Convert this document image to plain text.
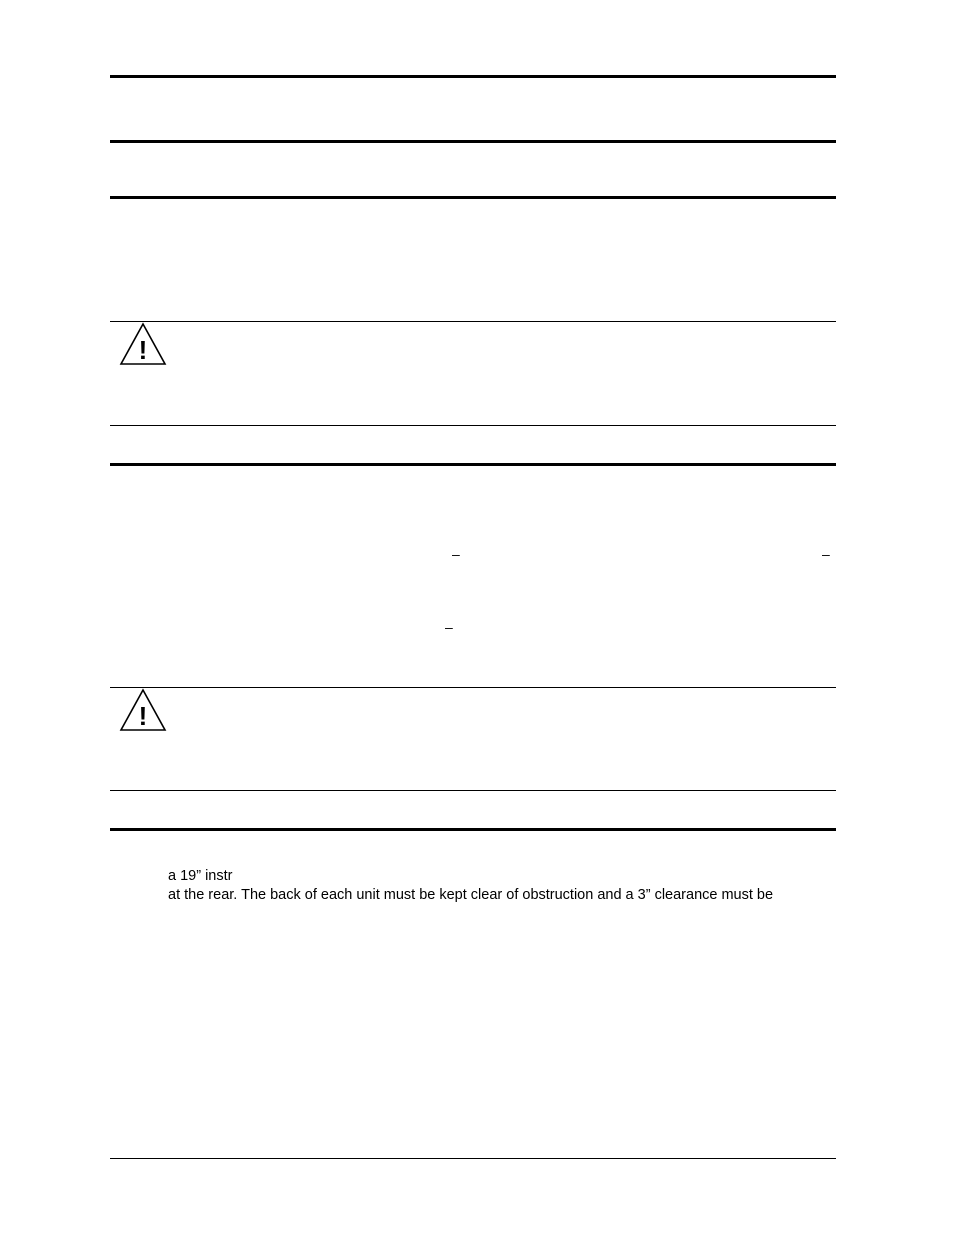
!
–	–
–
!
a 19” instr
at the rear. The back of each unit must be kept clear of obstruction and a 3” clearance must be
